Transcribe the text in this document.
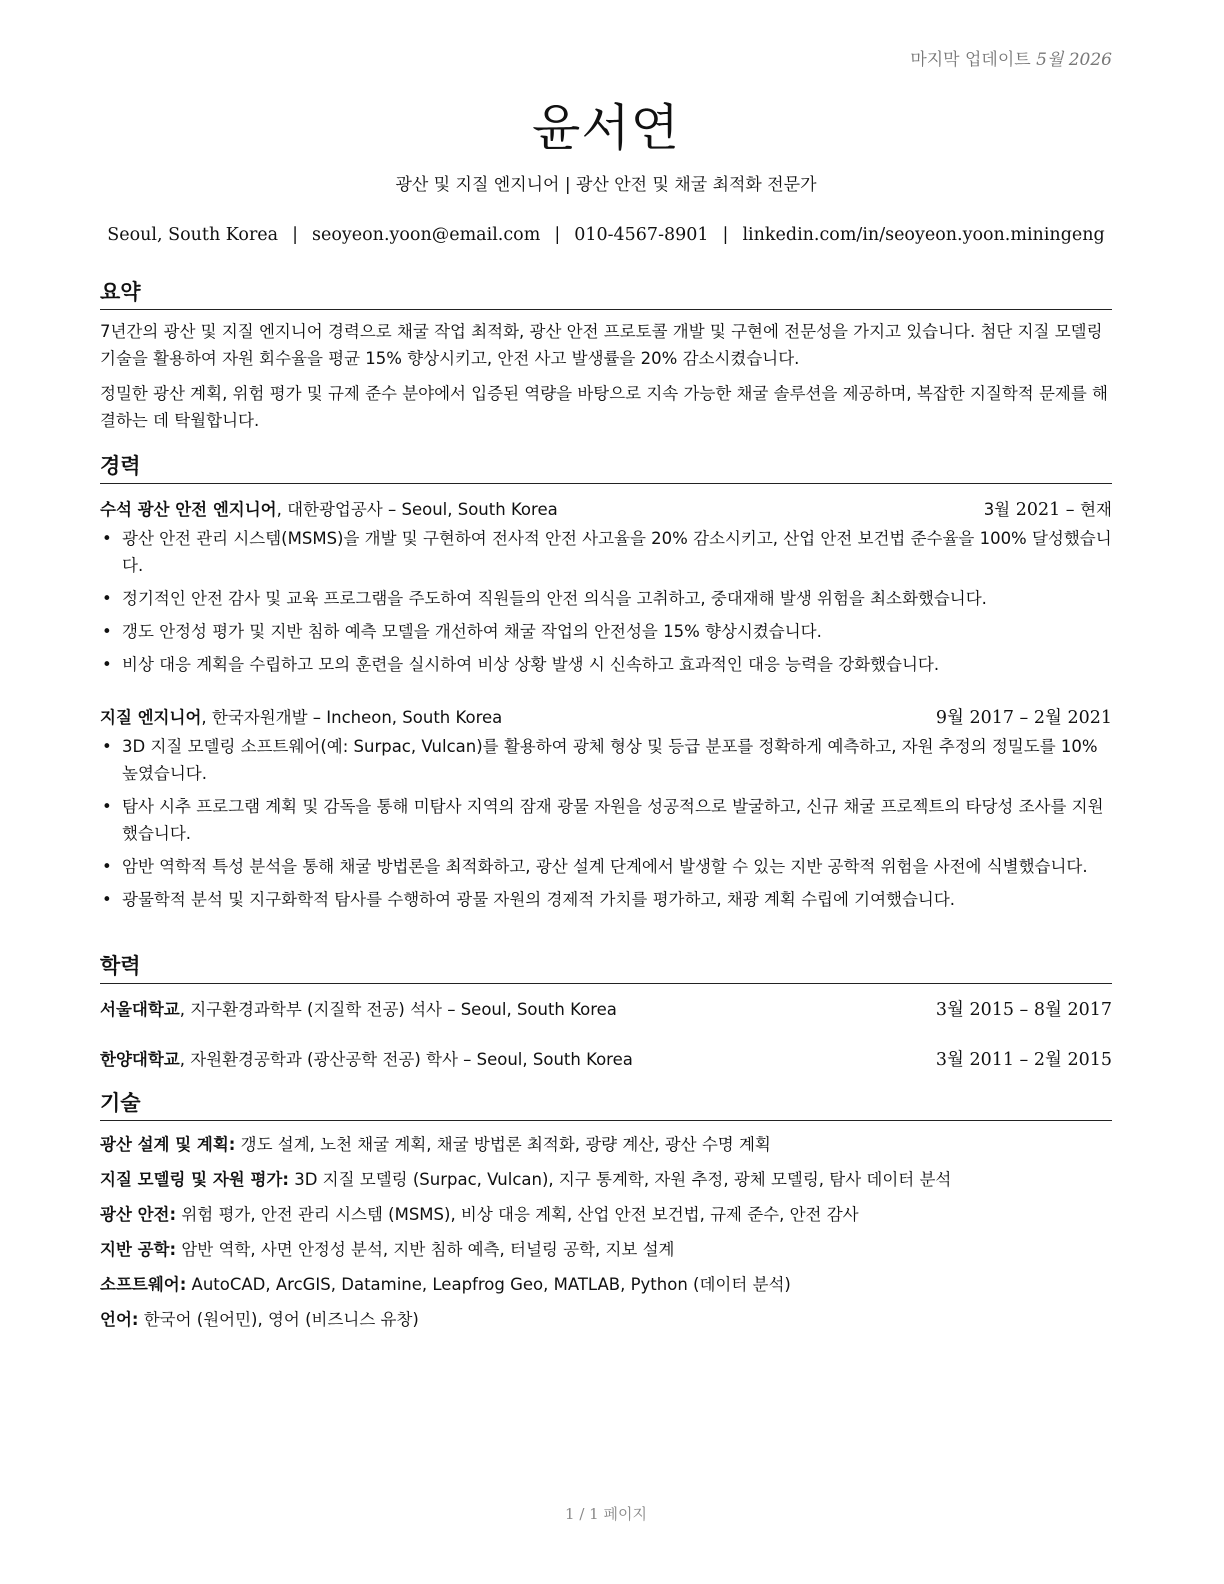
마지막 업데이트 5월 2026
윤서연
광산 및 지질 엔지니어 | 광산 안전 및 채굴 최적화 전문가
Seoul, South Korea | seoyeon.yoon@email.com | 010-4567-8901 | linkedin.com/in/seoyeon.yoon.miningeng
요약
7년간의 광산 및 지질 엔지니어 경력으로 채굴 작업 최적화, 광산 안전 프로토콜 개발 및 구현에 전문성을 가지고 있습니다. 첨단 지질 모델링 기술을 활용하여 자원 회수율을 평균 15% 향상시키고, 안전 사고 발생률을 20% 감소시켰습니다.
정밀한 광산 계획, 위험 평가 및 규제 준수 분야에서 입증된 역량을 바탕으로 지속 가능한 채굴 솔루션을 제공하며, 복잡한 지질학적 문제를 해결하는 데 탁월합니다.
경력
수석 광산 안전 엔지니어, 대한광업공사 – Seoul, South Korea	3월 2021 – 현재
• 광산 안전 관리 시스템(MSMS)을 개발 및 구현하여 전사적 안전 사고율을 20% 감소시키고, 산업 안전 보건법 준수율을 100% 달성했습니다.
• 정기적인 안전 감사 및 교육 프로그램을 주도하여 직원들의 안전 의식을 고취하고, 중대재해 발생 위험을 최소화했습니다.
• 갱도 안정성 평가 및 지반 침하 예측 모델을 개선하여 채굴 작업의 안전성을 15% 향상시켰습니다.
• 비상 대응 계획을 수립하고 모의 훈련을 실시하여 비상 상황 발생 시 신속하고 효과적인 대응 능력을 강화했습니다.
지질 엔지니어, 한국자원개발 – Incheon, South Korea	9월 2017 – 2월 2021
• 3D 지질 모델링 소프트웨어(예: Surpac, Vulcan)를 활용하여 광체 형상 및 등급 분포를 정확하게 예측하고, 자원 추정의 정밀도를 10% 높였습니다.
• 탐사 시추 프로그램 계획 및 감독을 통해 미탐사 지역의 잠재 광물 자원을 성공적으로 발굴하고, 신규 채굴 프로젝트의 타당성 조사를 지원했습니다.
• 암반 역학적 특성 분석을 통해 채굴 방법론을 최적화하고, 광산 설계 단계에서 발생할 수 있는 지반 공학적 위험을 사전에 식별했습니다.
• 광물학적 분석 및 지구화학적 탐사를 수행하여 광물 자원의 경제적 가치를 평가하고, 채광 계획 수립에 기여했습니다.
학력
서울대학교, 지구환경과학부 (지질학 전공) 석사 – Seoul, South Korea	3월 2015 – 8월 2017
한양대학교, 자원환경공학과 (광산공학 전공) 학사 – Seoul, South Korea	3월 2011 – 2월 2015
기술
광산 설계 및 계획: 갱도 설계, 노천 채굴 계획, 채굴 방법론 최적화, 광량 계산, 광산 수명 계획
지질 모델링 및 자원 평가: 3D 지질 모델링 (Surpac, Vulcan), 지구 통계학, 자원 추정, 광체 모델링, 탐사 데이터 분석
광산 안전: 위험 평가, 안전 관리 시스템 (MSMS), 비상 대응 계획, 산업 안전 보건법, 규제 준수, 안전 감사
지반 공학: 암반 역학, 사면 안정성 분석, 지반 침하 예측, 터널링 공학, 지보 설계
소프트웨어: AutoCAD, ArcGIS, Datamine, Leapfrog Geo, MATLAB, Python (데이터 분석)
언어: 한국어 (원어민), 영어 (비즈니스 유창)
1 / 1 페이지
